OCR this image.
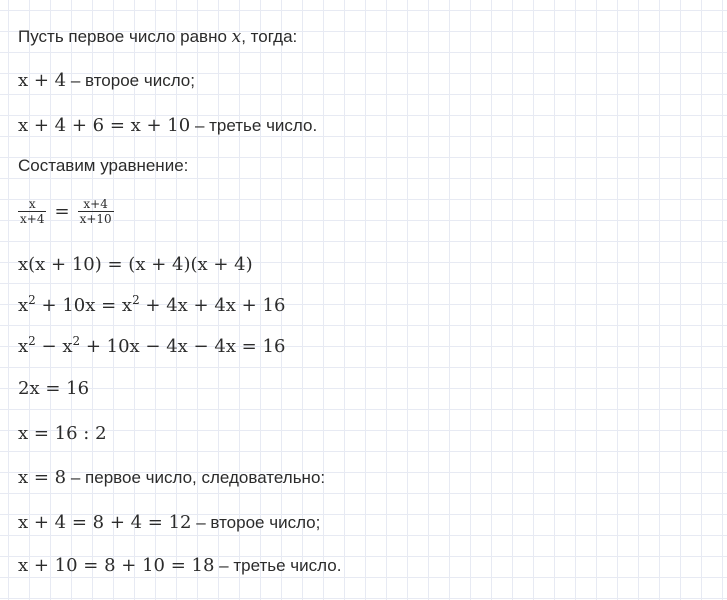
Пусть первое число равно x, тогда:
x + 4 – второе число;
x + 4 + 6 = x + 10 – третье число.
Составим уравнение:
$\frac{x}{x+4} = \frac{x+4}{x+10}$
x(x + 10) = (x + 4)(x + 4)
$x^2 + 10x = x^2 + 4x + 4x + 16$
$x^2 - x^2 + 10x - 4x - 4x = 16$
2x = 16
x = 16 : 2
x = 8 – первое число, следовательно:
x + 4 = 8 + 4 = 12 – второе число;
x + 10 = 8 + 10 = 18 – третье число.
